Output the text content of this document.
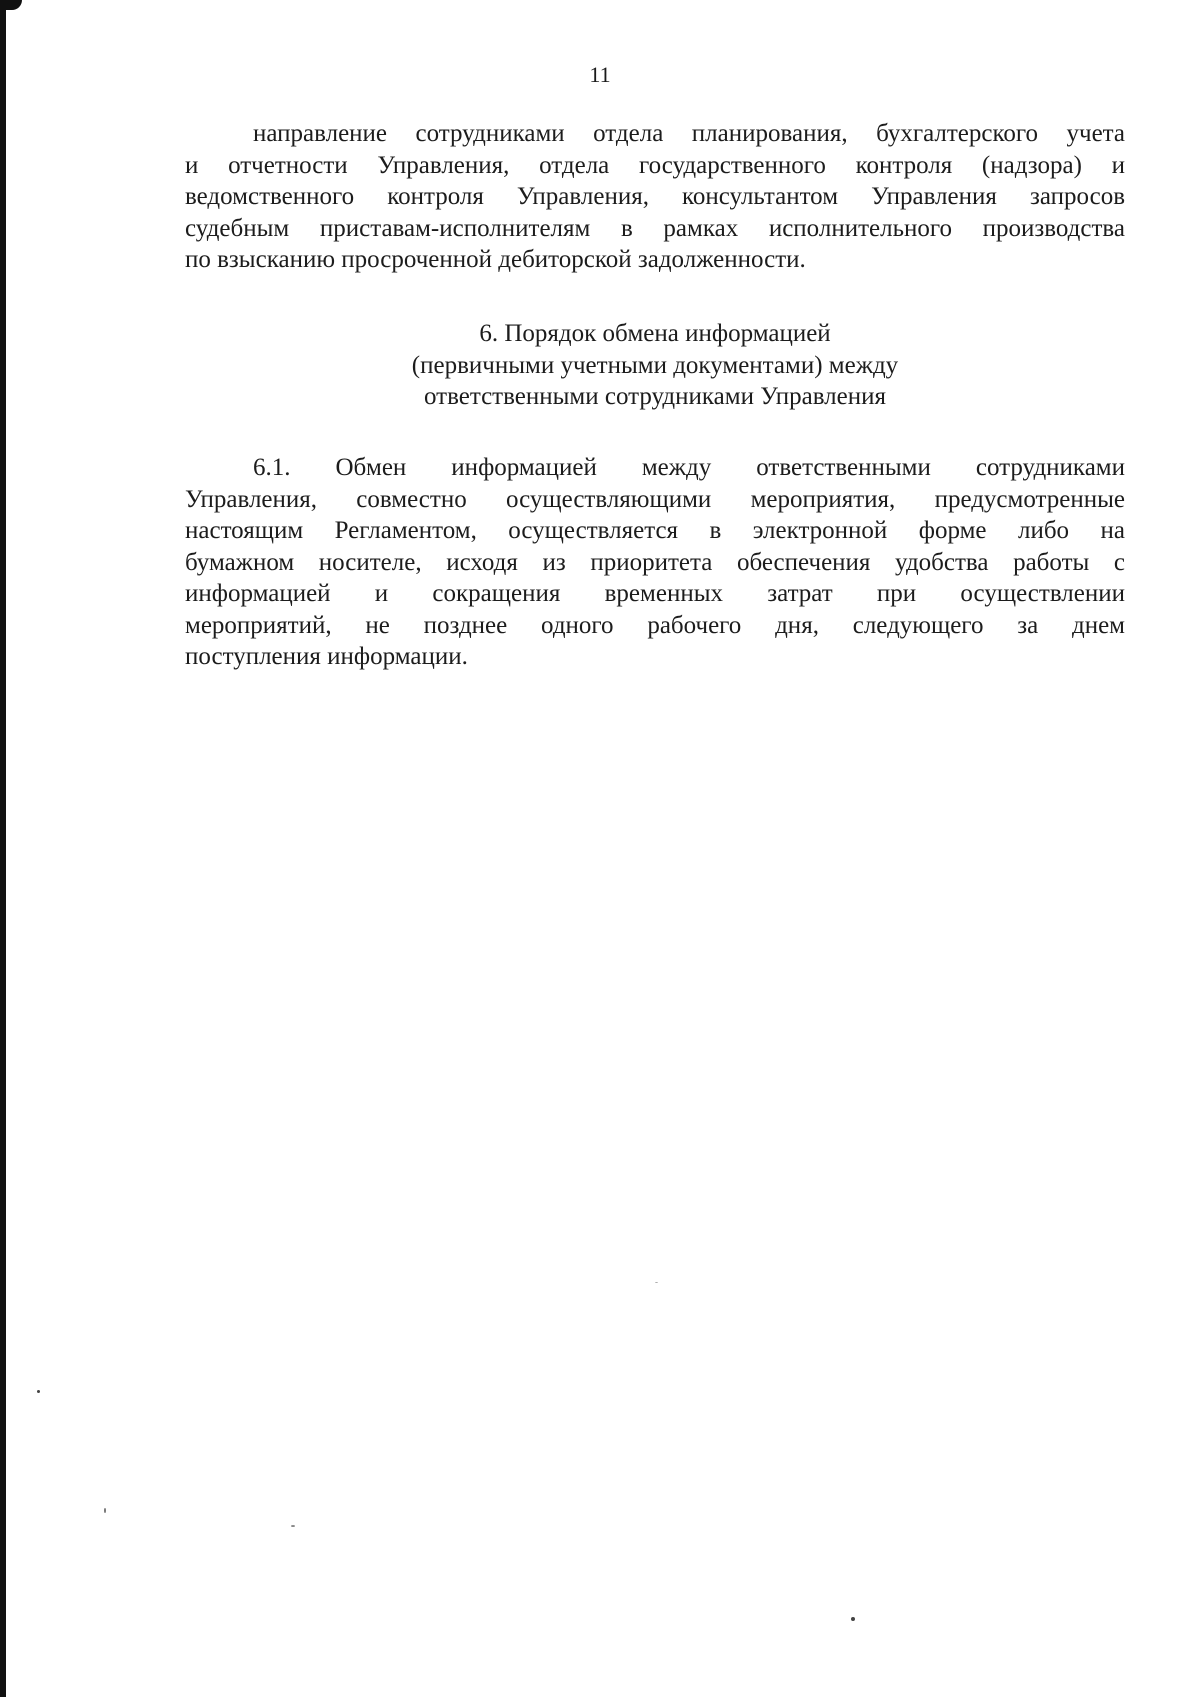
11
направление сотрудниками отдела планирования, бухгалтерского учета
и отчетности Управления, отдела государственного контроля (надзора) и
ведомственного контроля Управления, консультантом Управления запросов
судебным приставам-исполнителям в рамках исполнительного производства
по взысканию просроченной дебиторской задолженности.
6. Порядок обмена информацией
(первичными учетными документами) между
ответственными сотрудниками Управления
6.1. Обмен информацией между ответственными сотрудниками
Управления, совместно осуществляющими мероприятия, предусмотренные
настоящим Регламентом, осуществляется в электронной форме либо на
бумажном носителе, исходя из приоритета обеспечения удобства работы с
информацией и сокращения временных затрат при осуществлении
мероприятий, не позднее одного рабочего дня, следующего за днем
поступления информации.
